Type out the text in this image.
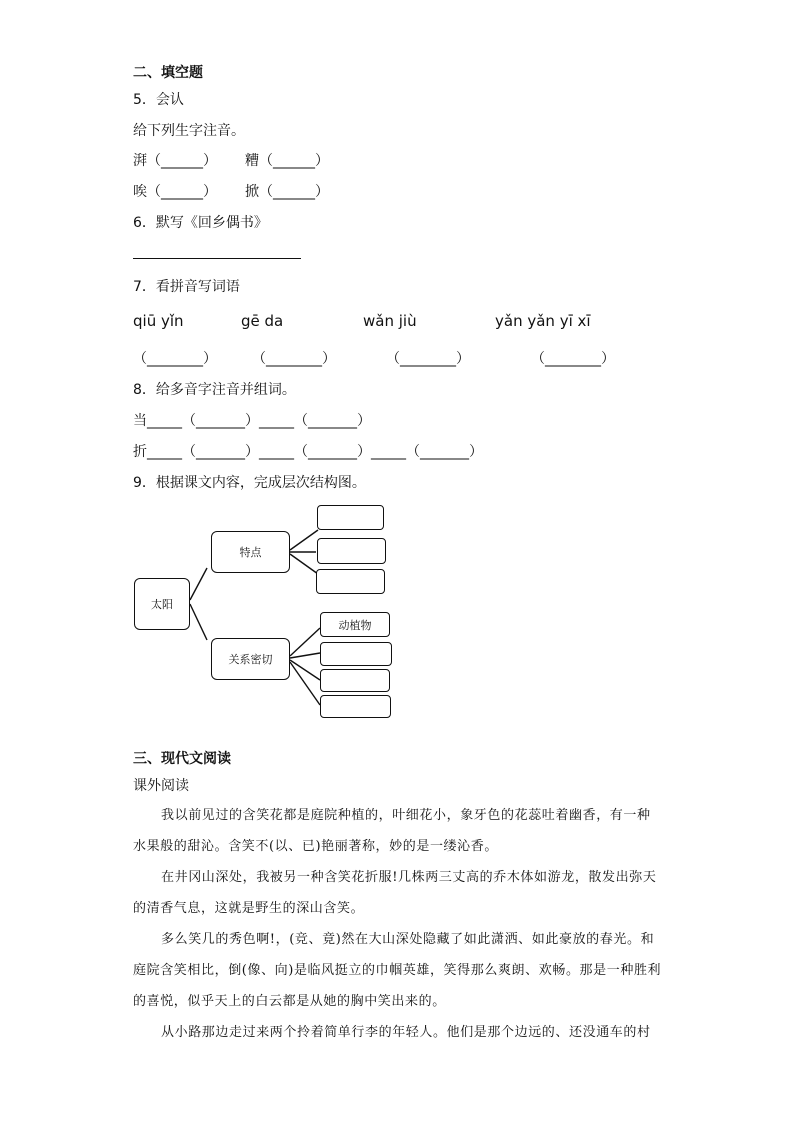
二、填空题
5．会认
给下列生字注音。
湃（______） 糟（______）
唉（______） 掀（______）
6．默写《回乡偶书》
7．看拼音写词语
qiū yǐn	gē da	wǎn jiù	yǎn yǎn yī xī
（________）	（________）	（________）	（________）
8．给多音字注音并组词。
当_____（_______）_____（_______）
折_____（_______）_____（_______）_____（_______）
9．根据课文内容，完成层次结构图。
太阳
特点
关系密切
动植物
三、现代文阅读
课外阅读
我以前见过的含笑花都是庭院种植的，叶细花小，象牙色的花蕊吐着幽香，有一种水果般的甜沁。含笑不(以、已)艳丽著称，妙的是一缕沁香。
在井冈山深处，我被另一种含笑花折服!几株两三丈高的乔木体如游龙，散发出弥天的清香气息，这就是野生的深山含笑。
多么笑几的秀色啊!，(竞、竟)然在大山深处隐藏了如此潇洒、如此豪放的春光。和庭院含笑相比，倒(像、向)是临风挺立的巾帼英雄，笑得那么爽朗、欢畅。那是一种胜利的喜悦，似乎天上的白云都是从她的胸中笑出来的。
从小路那边走过来两个拎着简单行李的年轻人。他们是那个边远的、还没通车的村
